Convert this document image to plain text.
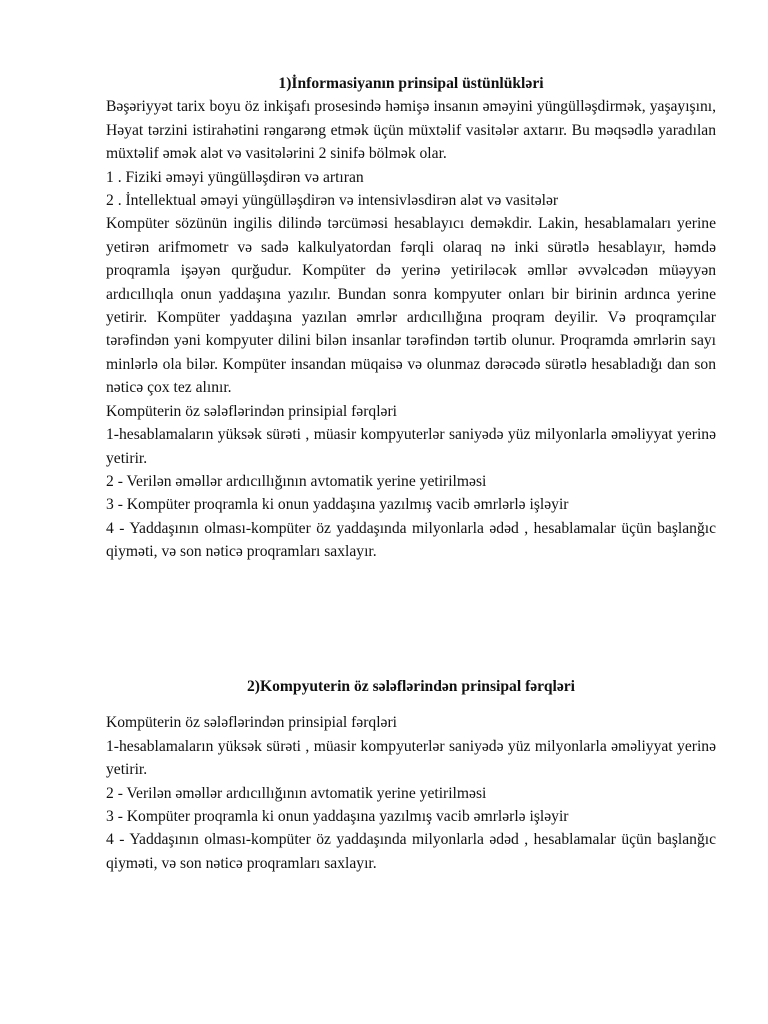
1)İnformasiyanın prinsipal üstünlükləri

Bəşəriyyət tarix boyu öz inkişafı prosesində həmişə insanın əməyini yüngülləşdirmək, yaşayışını, Həyat tərzini istirahətini rəngarəng etmək üçün müxtəlif vasitələr axtarır. Bu məqsədlə yaradılan müxtəlif əmək alət və vasitələrini 2 sinifə bölmək olar.

1 . Fiziki əməyi yüngülləşdirən və artıran

2 . İntellektual əməyi yüngülləşdirən və intensivləsdirən alət və vasitələr

Kompüter sözünün ingilis dilində tərcüməsi hesablayıcı deməkdir. Lakin, hesablamaları yerine yetirən arifmometr və sadə kalkulyatordan fərqli olaraq nə inki sürətlə hesablayır, həmdə proqramla işəyən qurğudur. Kompüter də yerinə yetiriləcək əmllər əvvəlcədən müəyyən ardıcıllıqla onun yaddaşına yazılır. Bundan sonra kompyuter onları bir birinin ardınca yerine yetirir. Kompüter yaddaşına yazılan əmrlər ardıcıllığına proqram deyilir. Və proqramçılar tərəfindən yəni kompyuter dilini bilən insanlar tərəfindən tərtib olunur. Proqramda əmrlərin sayı minlərlə ola bilər. Kompüter insandan müqaisə və olunmaz dərəcədə sürətlə hesabladığı dan son nəticə çox tez alınır.

Kompüterin öz sələflərindən prinsipial fərqləri

1-hesablamaların yüksək sürəti , müasir kompyuterlər saniyədə yüz milyonlarla əməliyyat yerinə yetirir.

2 - Verilən əməllər ardıcıllığının avtomatik yerine yetirilməsi

3 - Kompüter proqramla ki onun yaddaşına yazılmış vacib əmrlərlə işləyir

4 - Yaddaşının olması-kompüter öz yaddaşında milyonlarla ədəd , hesablamalar üçün başlanğıc qiyməti, və son nəticə proqramları saxlayır.

2)Kompyuterin öz sələflərindən prinsipal fərqləri

Kompüterin öz sələflərindən prinsipial fərqləri

1-hesablamaların yüksək sürəti , müasir kompyuterlər saniyədə yüz milyonlarla əməliyyat yerinə yetirir.

2 - Verilən əməllər ardıcıllığının avtomatik yerine yetirilməsi

3 - Kompüter proqramla ki onun yaddaşına yazılmış vacib əmrlərlə işləyir

4 - Yaddaşının olması-kompüter öz yaddaşında milyonlarla ədəd , hesablamalar üçün başlanğıc qiyməti, və son nəticə proqramları saxlayır.
